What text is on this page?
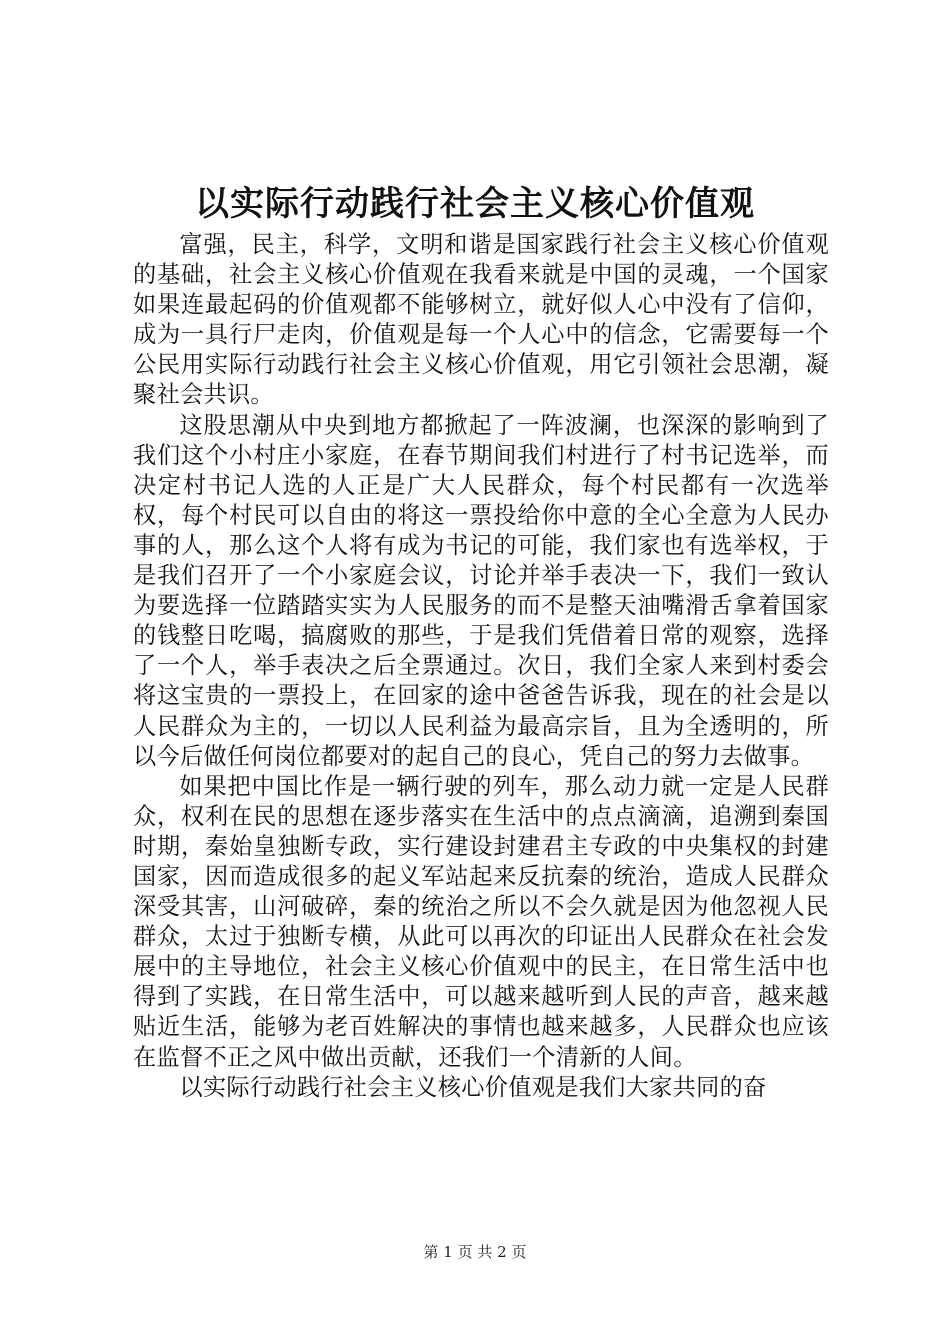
以实际行动践行社会主义核心价值观

富强，民主，科学，文明和谐是国家践行社会主义核心价值观的基础，社会主义核心价值观在我看来就是中国的灵魂，一个国家如果连最起码的价值观都不能够树立，就好似人心中没有了信仰，成为一具行尸走肉，价值观是每一个人心中的信念，它需要每一个公民用实际行动践行社会主义核心价值观，用它引领社会思潮，凝聚社会共识。

这股思潮从中央到地方都掀起了一阵波澜，也深深的影响到了我们这个小村庄小家庭，在春节期间我们村进行了村书记选举，而决定村书记人选的人正是广大人民群众，每个村民都有一次选举权，每个村民可以自由的将这一票投给你中意的全心全意为人民办事的人，那么这个人将有成为书记的可能，我们家也有选举权，于是我们召开了一个小家庭会议，讨论并举手表决一下，我们一致认为要选择一位踏踏实实为人民服务的而不是整天油嘴滑舌拿着国家的钱整日吃喝，搞腐败的那些，于是我们凭借着日常的观察，选择了一个人，举手表决之后全票通过。次日，我们全家人来到村委会将这宝贵的一票投上，在回家的途中爸爸告诉我，现在的社会是以人民群众为主的，一切以人民利益为最高宗旨，且为全透明的，所以今后做任何岗位都要对的起自己的良心，凭自己的努力去做事。

如果把中国比作是一辆行驶的列车，那么动力就一定是人民群众，权利在民的思想在逐步落实在生活中的点点滴滴，追溯到秦国时期，秦始皇独断专政，实行建设封建君主专政的中央集权的封建国家，因而造成很多的起义军站起来反抗秦的统治，造成人民群众深受其害，山河破碎，秦的统治之所以不会久就是因为他忽视人民群众，太过于独断专横，从此可以再次的印证出人民群众在社会发展中的主导地位，社会主义核心价值观中的民主，在日常生活中也得到了实践，在日常生活中，可以越来越听到人民的声音，越来越贴近生活，能够为老百姓解决的事情也越来越多，人民群众也应该在监督不正之风中做出贡献，还我们一个清新的人间。

以实际行动践行社会主义核心价值观是我们大家共同的奋

第 1 页 共 2 页
